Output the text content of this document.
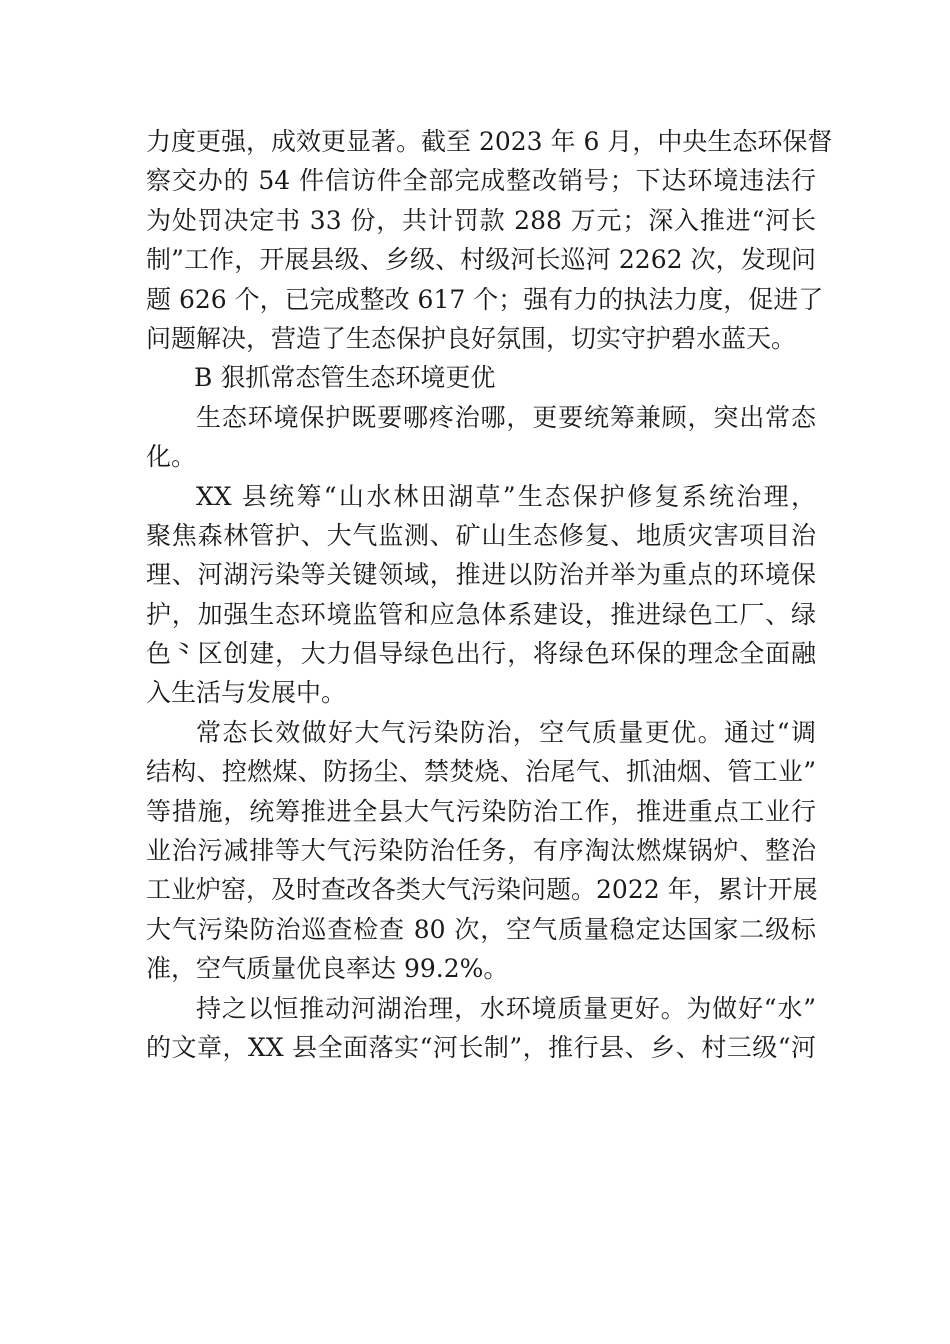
力度更强，成效更显著。截至 2023 年 6 月，中央生态环保督
察交办的 54 件信访件全部完成整改销号；下达环境违法行
为处罚决定书 33 份，共计罚款 288 万元；深入推进“河长
制”工作，开展县级、乡级、村级河长巡河 2262 次，发现问
题 626 个，已完成整改 617 个；强有力的执法力度，促进了
问题解决，营造了生态保护良好氛围，切实守护碧水蓝天。
B 狠抓常态管生态环境更优
生态环境保护既要哪疼治哪，更要统筹兼顾，突出常态
化。
XX 县统筹“山水林田湖草”生态保护修复系统治理，
聚焦森林管护、大气监测、矿山生态修复、地质灾害项目治
理、河湖污染等关键领域，推进以防治并举为重点的环境保
护，加强生态环境监管和应急体系建设，推进绿色工厂、绿
色⺀区创建，大力倡导绿色出行，将绿色环保的理念全面融
入生活与发展中。
常态长效做好大气污染防治，空气质量更优。通过“调
结构、控燃煤、防扬尘、禁焚烧、治尾气、抓油烟、管工业”
等措施，统筹推进全县大气污染防治工作，推进重点工业行
业治污减排等大气污染防治任务，有序淘汰燃煤锅炉、整治
工业炉窑，及时查改各类大气污染问题。2022 年，累计开展
大气污染防治巡查检查 80 次，空气质量稳定达国家二级标
准，空气质量优良率达 99.2%。
持之以恒推动河湖治理，水环境质量更好。为做好“水”
的文章，XX 县全面落实“河长制”，推行县、乡、村三级“河
